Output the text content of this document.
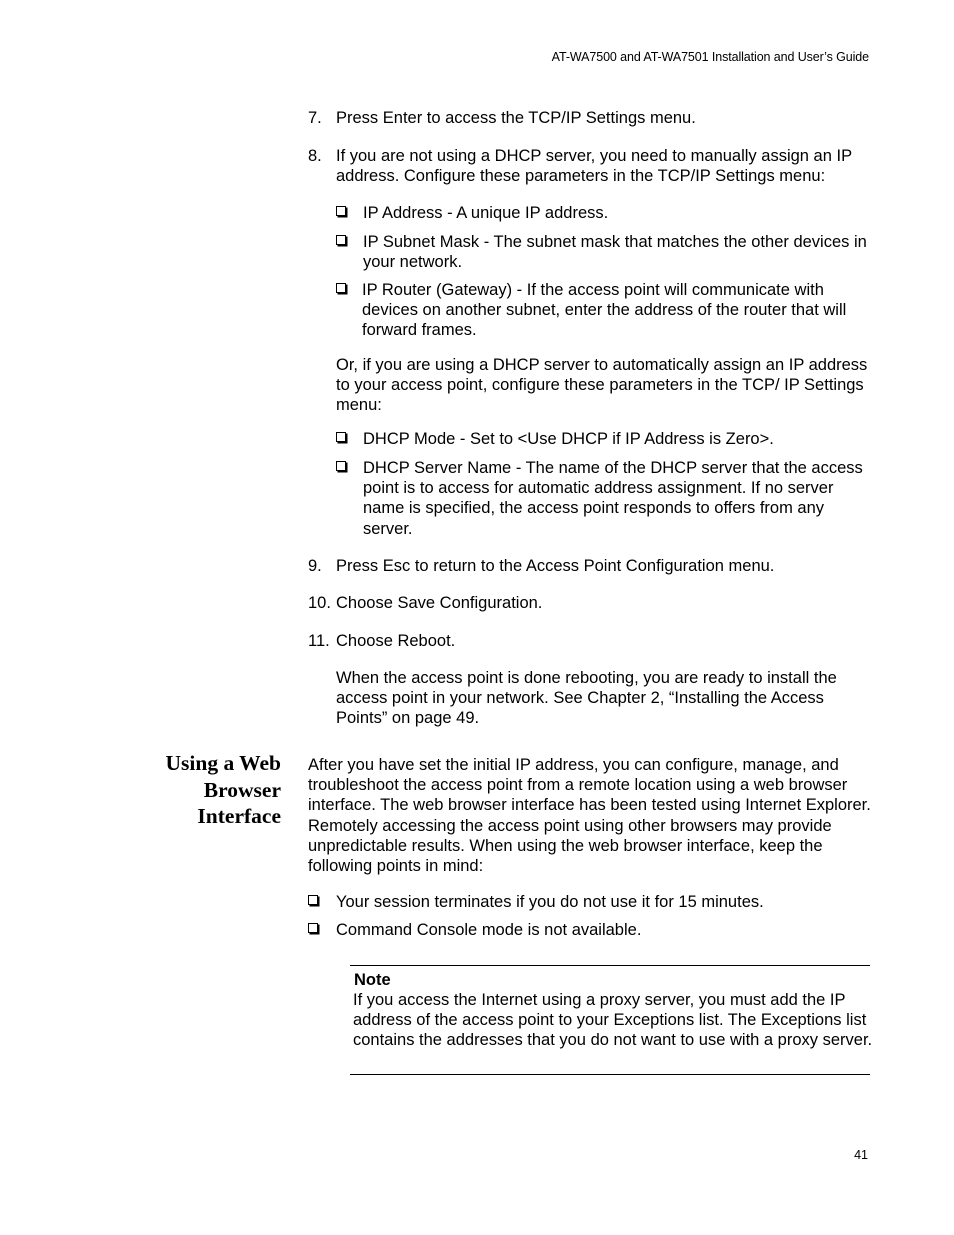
AT-WA7500 and AT-WA7501 Installation and User’s Guide
7. Press Enter to access the TCP/IP Settings menu.
8. If you are not using a DHCP server, you need to manually assign an IP address. Configure these parameters in the TCP/IP Settings menu:
IP Address - A unique IP address.
IP Subnet Mask - The subnet mask that matches the other devices in your network.
IP Router (Gateway) - If the access point will communicate with devices on another subnet, enter the address of the router that will forward frames.
Or, if you are using a DHCP server to automatically assign an IP address to your access point, configure these parameters in the TCP/ IP Settings menu:
DHCP Mode - Set to <Use DHCP if IP Address is Zero>.
DHCP Server Name - The name of the DHCP server that the access point is to access for automatic address assignment. If no server name is specified, the access point responds to offers from any server.
9. Press Esc to return to the Access Point Configuration menu.
10. Choose Save Configuration.
11. Choose Reboot.
When the access point is done rebooting, you are ready to install the access point in your network. See Chapter 2, “Installing the Access Points” on page 49.
Using a Web Browser Interface
After you have set the initial IP address, you can configure, manage, and troubleshoot the access point from a remote location using a web browser interface. The web browser interface has been tested using Internet Explorer. Remotely accessing the access point using other browsers may provide unpredictable results. When using the web browser interface, keep the following points in mind:
Your session terminates if you do not use it for 15 minutes.
Command Console mode is not available.
Note
If you access the Internet using a proxy server, you must add the IP address of the access point to your Exceptions list. The Exceptions list contains the addresses that you do not want to use with a proxy server.
41
